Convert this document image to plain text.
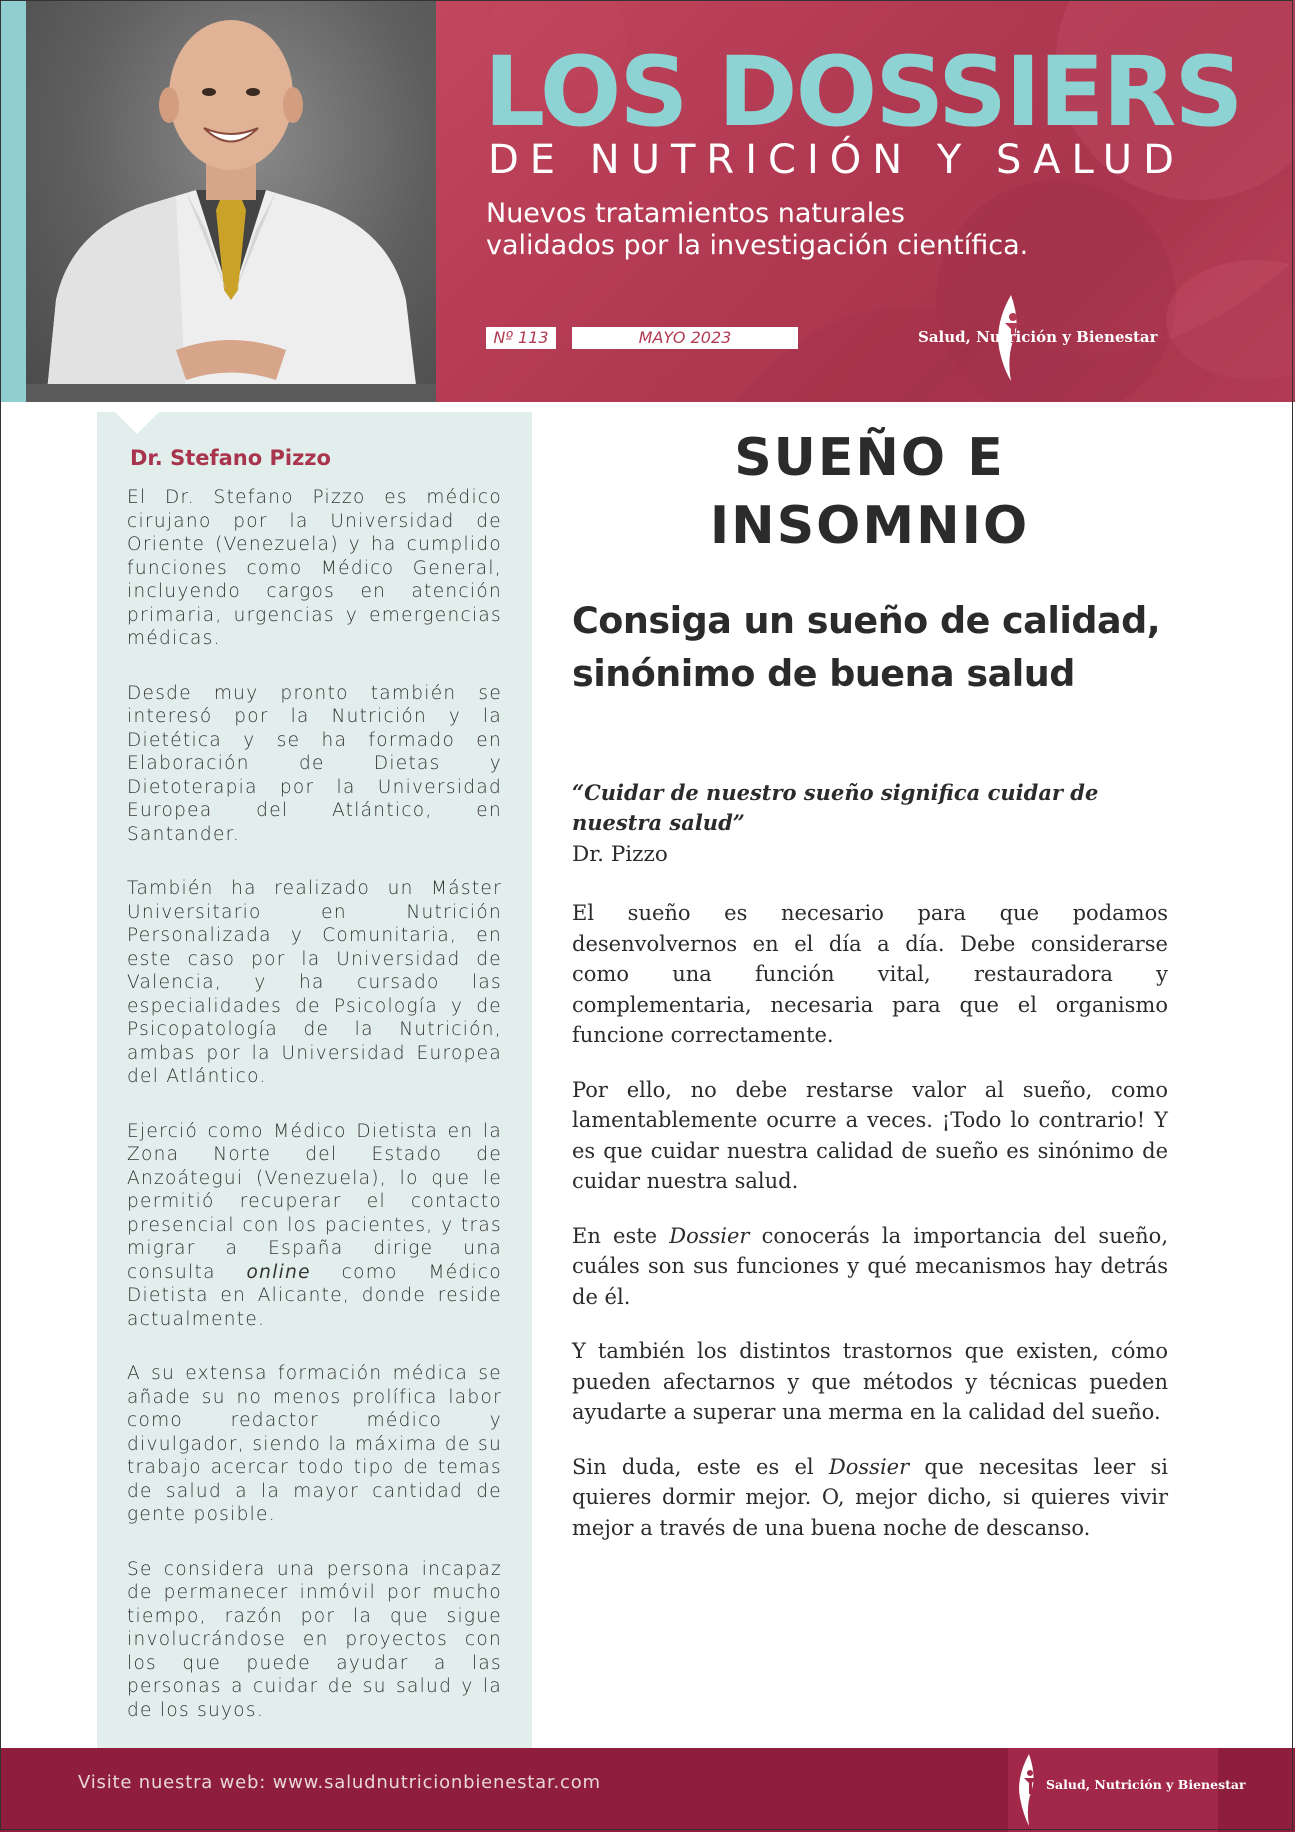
LOS DOSSIERS
DE NUTRICIÓN Y SALUD
Nuevos tratamientos naturales
validados por la investigación científica.
Nº 113	MAYO 2023	Salud, Nutrición y Bienestar
Dr. Stefano Pizzo

El Dr. Stefano Pizzo es médico cirujano por la Universidad de Oriente (Venezuela) y ha cumplido funciones como Médico General, incluyendo cargos en atención primaria, urgencias y emergencias médicas.

Desde muy pronto también se interesó por la Nutrición y la Dietética y se ha formado en Elaboración de Dietas y Dietoterapia por la Universidad Europea del Atlántico, en Santander.

También ha realizado un Máster Universitario en Nutrición Personalizada y Comunitaria, en este caso por la Universidad de Valencia, y ha cursado las especialidades de Psicología y de Psicopatología de la Nutrición, ambas por la Universidad Europea del Atlántico.

Ejerció como Médico Dietista en la Zona Norte del Estado de Anzoátegui (Venezuela), lo que le permitió recuperar el contacto presencial con los pacientes, y tras migrar a España dirige una consulta online como Médico Dietista en Alicante, donde reside actualmente.

A su extensa formación médica se añade su no menos prolífica labor como redactor médico y divulgador, siendo la máxima de su trabajo acercar todo tipo de temas de salud a la mayor cantidad de gente posible.

Se considera una persona incapaz de permanecer inmóvil por mucho tiempo, razón por la que sigue involucrándose en proyectos con los que puede ayudar a las personas a cuidar de su salud y la de los suyos.

SUEÑO E
INSOMNIO
Consiga un sueño de calidad, sinónimo de buena salud
“Cuidar de nuestro sueño significa cuidar de nuestra salud”
Dr. Pizzo

El sueño es necesario para que podamos desenvolvernos en el día a día. Debe considerarse como una función vital, restauradora y complementaria, necesaria para que el organismo funcione correctamente.

Por ello, no debe restarse valor al sueño, como lamentablemente ocurre a veces. ¡Todo lo contrario! Y es que cuidar nuestra calidad de sueño es sinónimo de cuidar nuestra salud.

En este Dossier conocerás la importancia del sueño, cuáles son sus funciones y qué mecanismos hay detrás de él.

Y también los distintos trastornos que existen, cómo pueden afectarnos y que métodos y técnicas pueden ayudarte a superar una merma en la calidad del sueño.

Sin duda, este es el Dossier que necesitas leer si quieres dormir mejor. O, mejor dicho, si quieres vivir mejor a través de una buena noche de descanso.

Visite nuestra web: www.saludnutricionbienestar.com	Salud, Nutrición y Bienestar
